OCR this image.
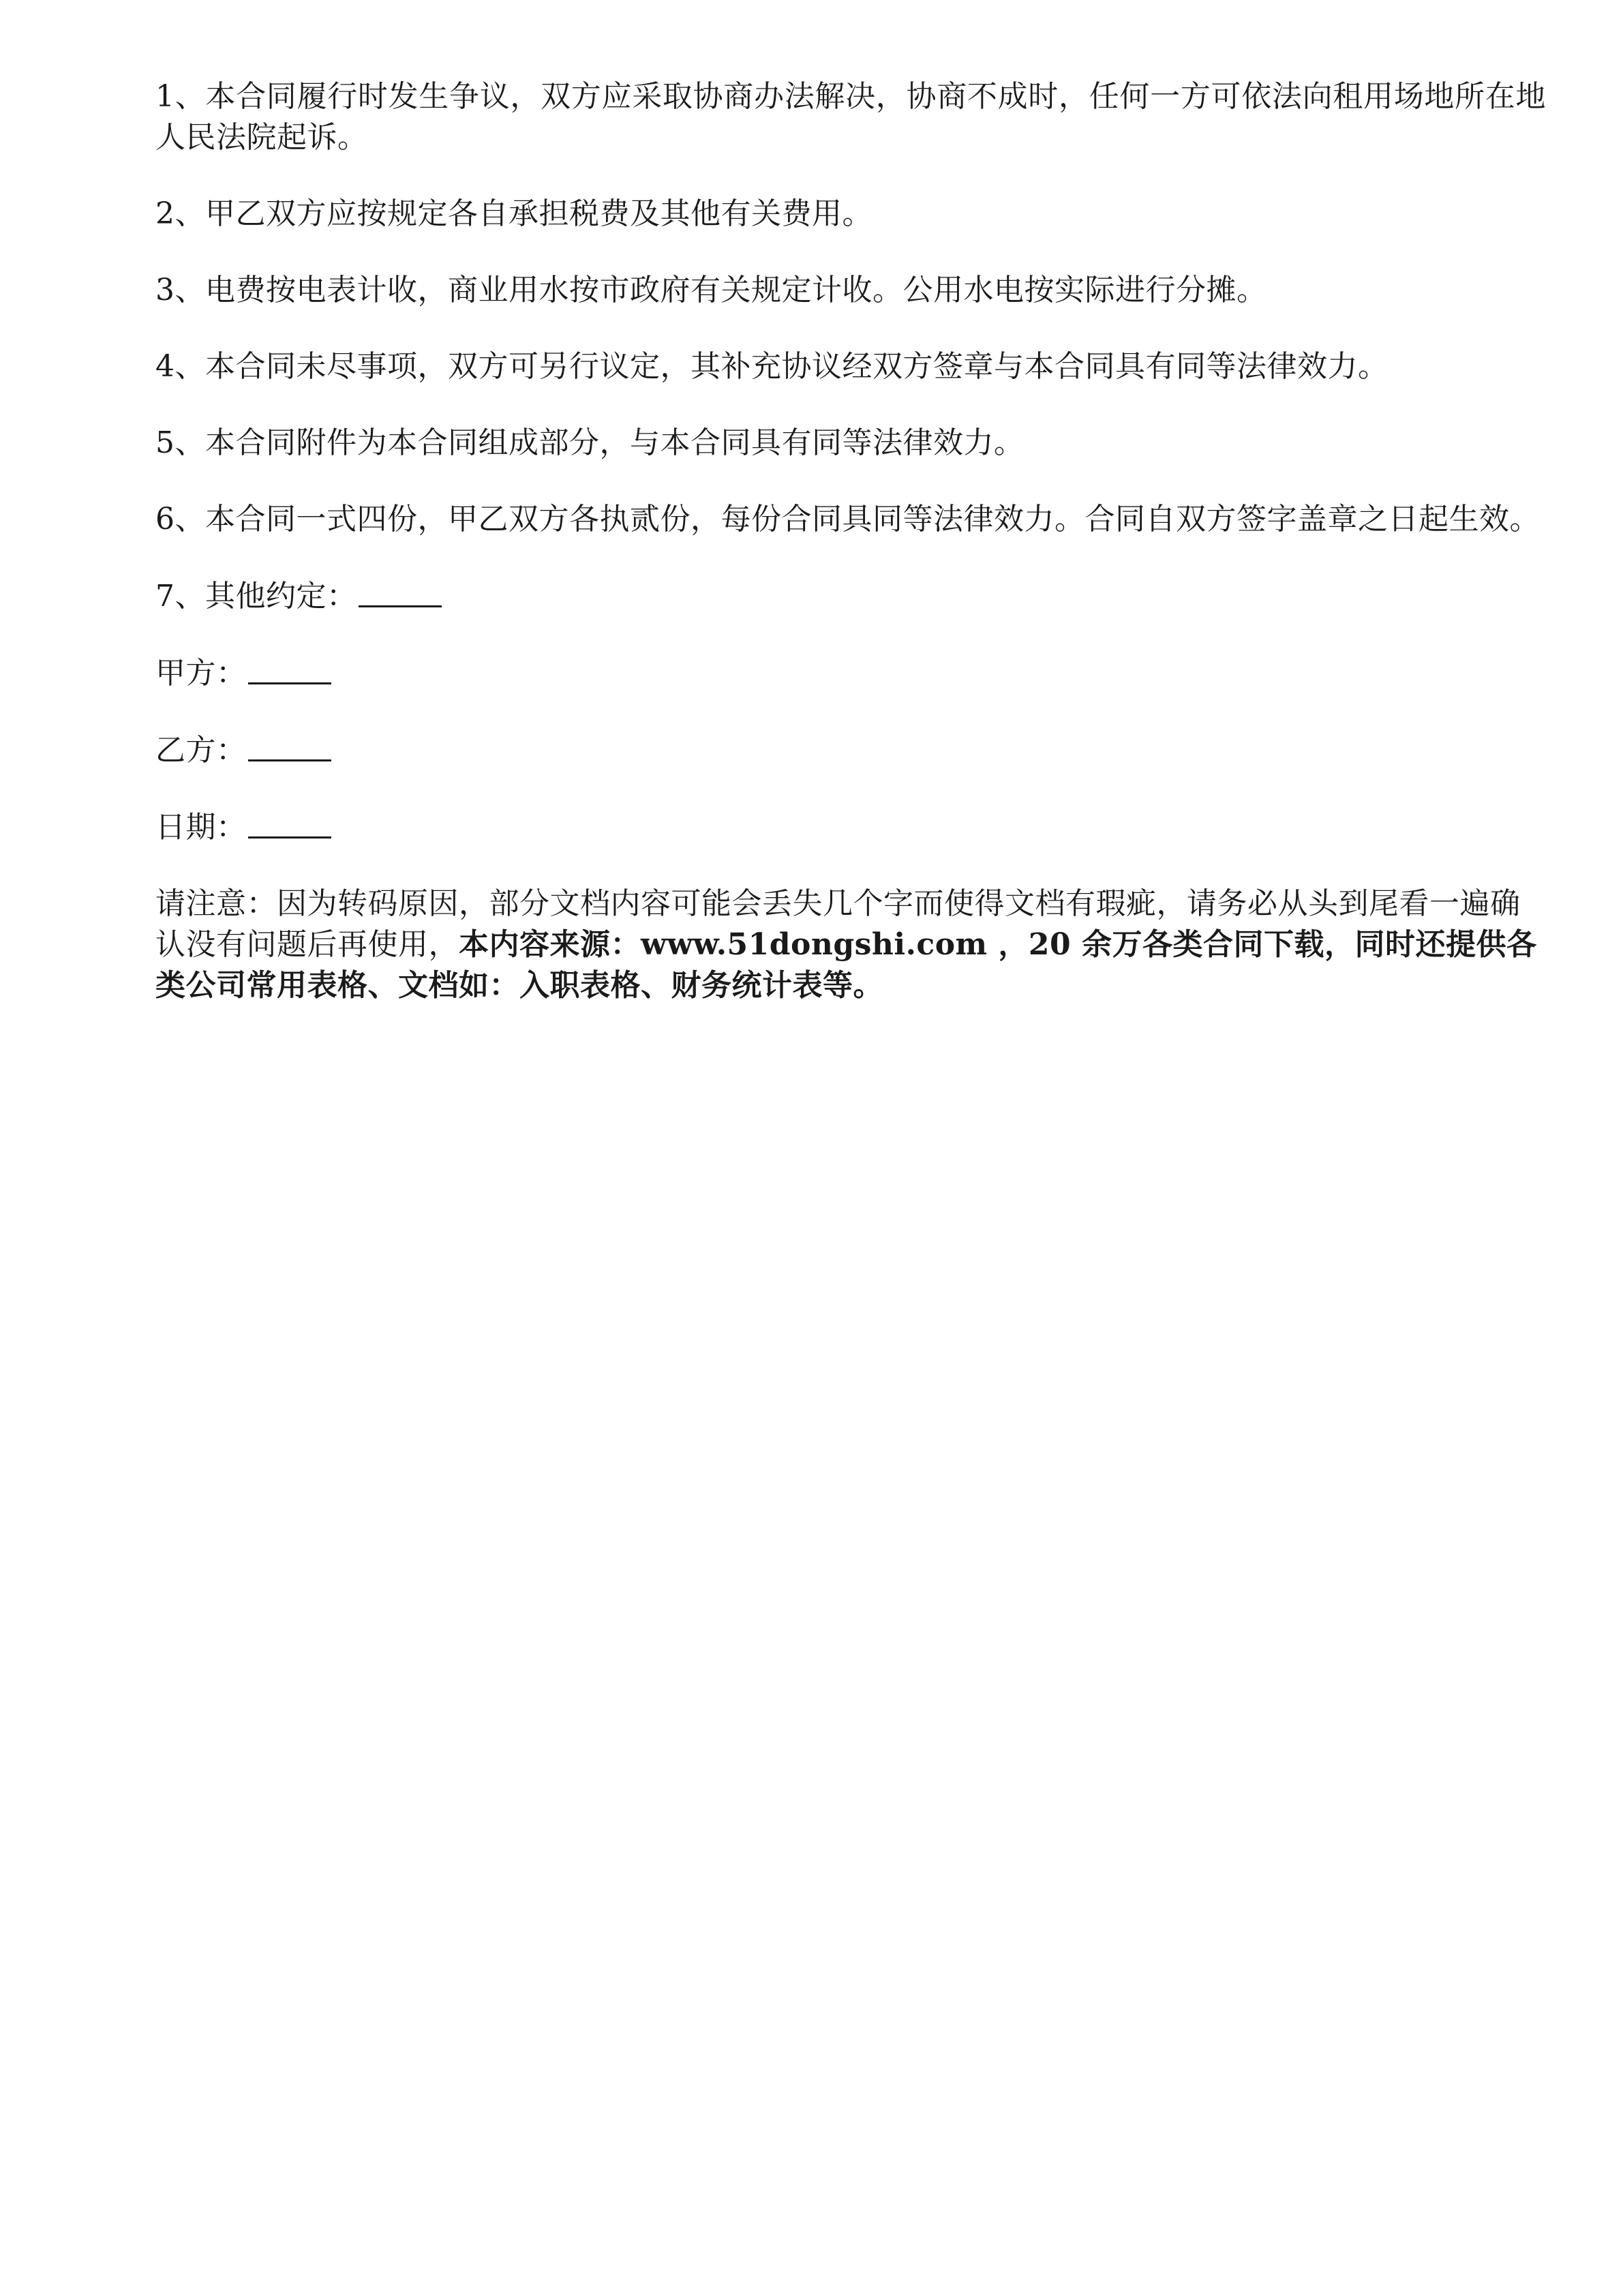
1、本合同履行时发生争议，双方应采取协商办法解决，协商不成时，任何一方可依法向租用场地所在地人民法院起诉。

2、甲乙双方应按规定各自承担税费及其他有关费用。

3、电费按电表计收，商业用水按市政府有关规定计收。公用水电按实际进行分摊。

4、本合同未尽事项，双方可另行议定，其补充协议经双方签章与本合同具有同等法律效力。

5、本合同附件为本合同组成部分，与本合同具有同等法律效力。

6、本合同一式四份，甲乙双方各执贰份，每份合同具同等法律效力。合同自双方签字盖章之日起生效。

7、其他约定：

甲方：

乙方：

日期：

请注意：因为转码原因，部分文档内容可能会丢失几个字而使得文档有瑕疵，请务必从头到尾看一遍确认没有问题后再使用，本内容来源：www.51dongshi.com ，20 余万各类合同下载，同时还提供各类公司常用表格、文档如：入职表格、财务统计表等。
